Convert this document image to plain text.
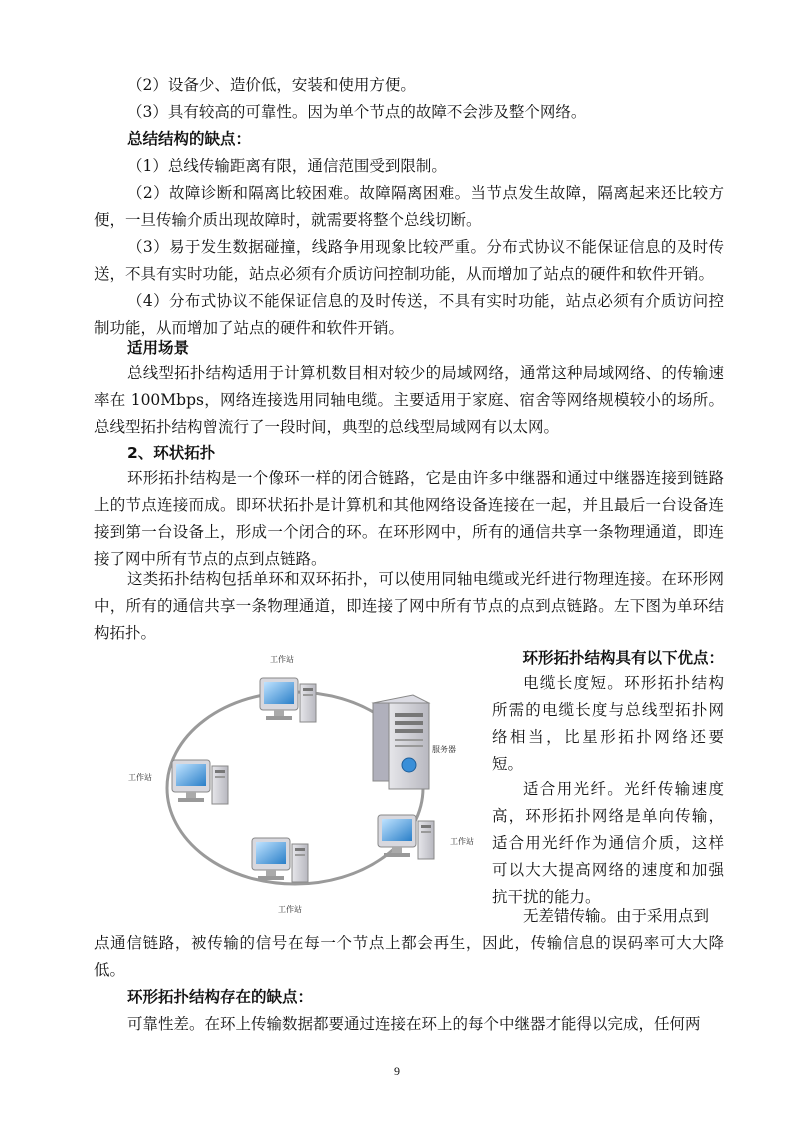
（2）设备少、造价低，安装和使用方便。

（3）具有较高的可靠性。因为单个节点的故障不会涉及整个网络。

总结结构的缺点：

（1）总线传输距离有限，通信范围受到限制。

（2）故障诊断和隔离比较困难。故障隔离困难。当节点发生故障，隔离起来还比较方便，一旦传输介质出现故障时，就需要将整个总线切断。

（3）易于发生数据碰撞，线路争用现象比较严重。分布式协议不能保证信息的及时传送，不具有实时功能，站点必须有介质访问控制功能，从而增加了站点的硬件和软件开销。

（4）分布式协议不能保证信息的及时传送，不具有实时功能，站点必须有介质访问控制功能，从而增加了站点的硬件和软件开销。

适用场景

总线型拓扑结构适用于计算机数目相对较少的局域网络，通常这种局域网络、的传输速率在 100Mbps，网络连接选用同轴电缆。主要适用于家庭、宿舍等网络规模较小的场所。总线型拓扑结构曾流行了一段时间，典型的总线型局域网有以太网。

2、环状拓扑

环形拓扑结构是一个像环一样的闭合链路，它是由许多中继器和通过中继器连接到链路上的节点连接而成。即环状拓扑是计算机和其他网络设备连接在一起，并且最后一台设备连接到第一台设备上，形成一个闭合的环。在环形网中，所有的通信共享一条物理通道，即连接了网中所有节点的点到点链路。

这类拓扑结构包括单环和双环拓扑，可以使用同轴电缆或光纤进行物理连接。在环形网中，所有的通信共享一条物理通道，即连接了网中所有节点的点到点链路。左下图为单环结构拓扑。

工作站
工作站
工作站
工作站
服务器

环形拓扑结构具有以下优点：

电缆长度短。环形拓扑结构所需的电缆长度与总线型拓扑网络相当，比星形拓扑网络还要短。

适合用光纤。光纤传输速度高，环形拓扑网络是单向传输，适合用光纤作为通信介质，这样可以大大提高网络的速度和加强抗干扰的能力。

无差错传输。由于采用点到

点通信链路，被传输的信号在每一个节点上都会再生，因此，传输信息的误码率可大大降低。

环形拓扑结构存在的缺点：

可靠性差。在环上传输数据都要通过连接在环上的每个中继器才能得以完成，任何两

9
